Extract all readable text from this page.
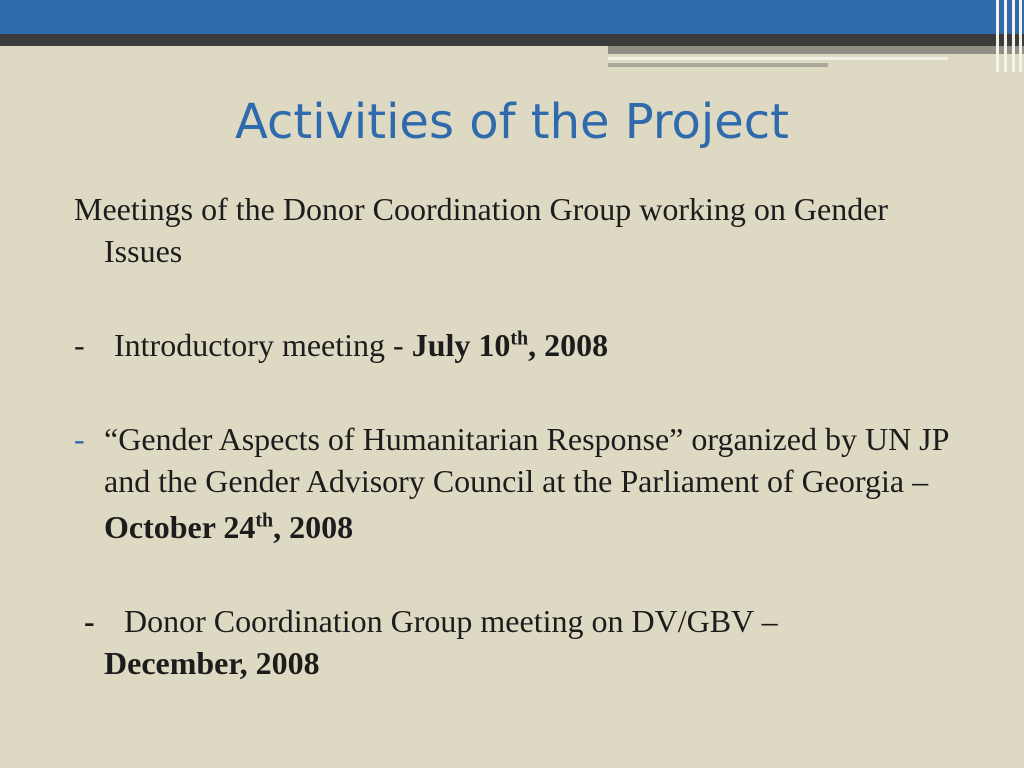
Activities of the Project

Meetings of the Donor Coordination Group working on Gender Issues

- Introductory meeting - July 10th, 2008

- “Gender Aspects of Humanitarian Response” organized by UN JP and the Gender Advisory Council at the Parliament of Georgia –

October 24th, 2008

- Donor Coordination Group meeting on DV/GBV –
December, 2008
